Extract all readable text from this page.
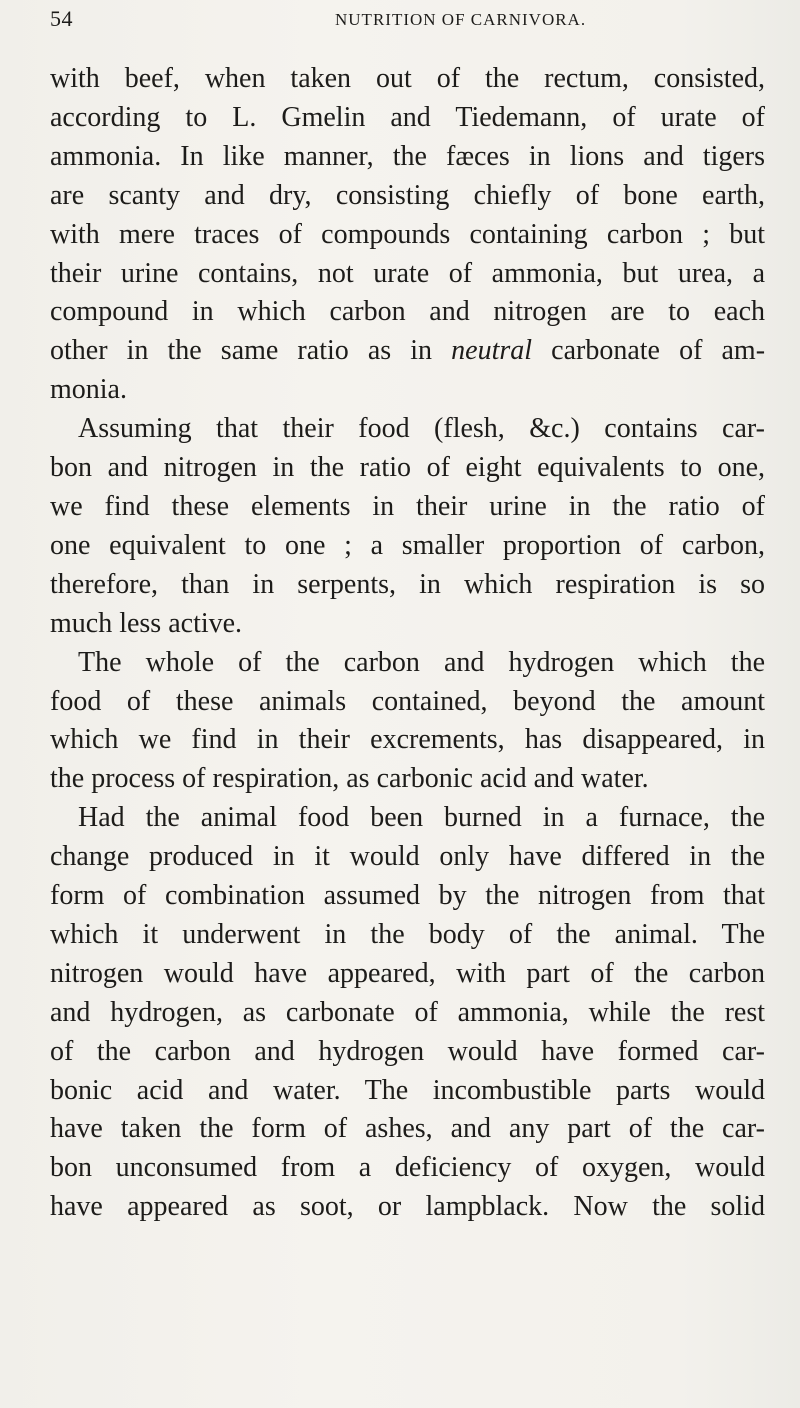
54	NUTRITION OF CARNIVORA.

with beef, when taken out of the rectum, consisted,

according to L. Gmelin and Tiedemann, of urate of

ammonia. In like manner, the fæces in lions and tigers

are scanty and dry, consisting chiefly of bone earth,

with mere traces of compounds containing carbon ; but

their urine contains, not urate of ammonia, but urea, a

compound in which carbon and nitrogen are to each

other in the same ratio as in neutral carbonate of am-

monia.

Assuming that their food (flesh, &c.) contains car-

bon and nitrogen in the ratio of eight equivalents to one,

we find these elements in their urine in the ratio of

one equivalent to one ; a smaller proportion of carbon,

therefore, than in serpents, in which respiration is so

much less active.

The whole of the carbon and hydrogen which the

food of these animals contained, beyond the amount

which we find in their excrements, has disappeared, in

the process of respiration, as carbonic acid and water.

Had the animal food been burned in a furnace, the

change produced in it would only have differed in the

form of combination assumed by the nitrogen from that

which it underwent in the body of the animal. The

nitrogen would have appeared, with part of the carbon

and hydrogen, as carbonate of ammonia, while the rest

of the carbon and hydrogen would have formed car-

bonic acid and water. The incombustible parts would

have taken the form of ashes, and any part of the car-

bon unconsumed from a deficiency of oxygen, would

have appeared as soot, or lampblack. Now the solid
